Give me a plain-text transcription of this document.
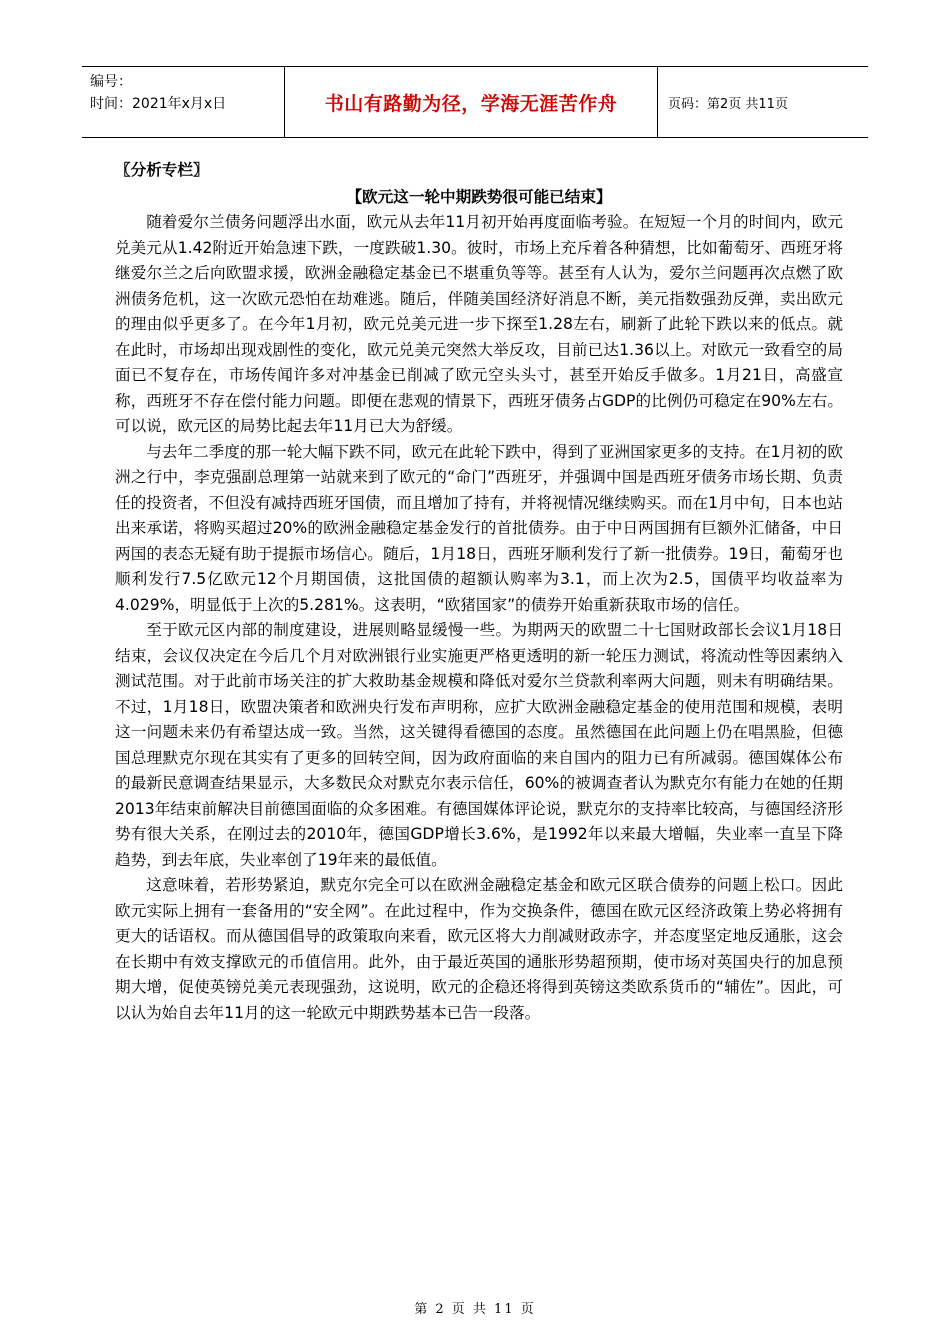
编号：
时间：2021年x月x日	书山有路勤为径，学海无涯苦作舟	页码：第2页 共11页

〖分析专栏〗

【欧元这一轮中期跌势很可能已结束】

随着爱尔兰债务问题浮出水面，欧元从去年11月初开始再度面临考验。在短短一个月的时间内，欧元兑美元从1.42附近开始急速下跌，一度跌破1.30。彼时，市场上充斥着各种猜想，比如葡萄牙、西班牙将继爱尔兰之后向欧盟求援，欧洲金融稳定基金已不堪重负等等。甚至有人认为，爱尔兰问题再次点燃了欧洲债务危机，这一次欧元恐怕在劫难逃。随后，伴随美国经济好消息不断，美元指数强劲反弹，卖出欧元的理由似乎更多了。在今年1月初，欧元兑美元进一步下探至1.28左右，刷新了此轮下跌以来的低点。就在此时，市场却出现戏剧性的变化，欧元兑美元突然大举反攻，目前已达1.36以上。对欧元一致看空的局面已不复存在，市场传闻许多对冲基金已削减了欧元空头头寸，甚至开始反手做多。1月21日，高盛宣称，西班牙不存在偿付能力问题。即便在悲观的情景下，西班牙债务占GDP的比例仍可稳定在90%左右。可以说，欧元区的局势比起去年11月已大为舒缓。

与去年二季度的那一轮大幅下跌不同，欧元在此轮下跌中，得到了亚洲国家更多的支持。在1月初的欧洲之行中，李克强副总理第一站就来到了欧元的“命门”西班牙，并强调中国是西班牙债务市场长期、负责任的投资者，不但没有减持西班牙国债，而且增加了持有，并将视情况继续购买。而在1月中旬，日本也站出来承诺，将购买超过20%的欧洲金融稳定基金发行的首批债券。由于中日两国拥有巨额外汇储备，中日两国的表态无疑有助于提振市场信心。随后，1月18日，西班牙顺利发行了新一批债券。19日，葡萄牙也顺利发行7.5亿欧元12个月期国债，这批国债的超额认购率为3.1，而上次为2.5，国债平均收益率为4.029%，明显低于上次的5.281%。这表明，“欧猪国家”的债券开始重新获取市场的信任。

至于欧元区内部的制度建设，进展则略显缓慢一些。为期两天的欧盟二十七国财政部长会议1月18日结束，会议仅决定在今后几个月对欧洲银行业实施更严格更透明的新一轮压力测试，将流动性等因素纳入测试范围。对于此前市场关注的扩大救助基金规模和降低对爱尔兰贷款利率两大问题，则未有明确结果。不过，1月18日，欧盟决策者和欧洲央行发布声明称，应扩大欧洲金融稳定基金的使用范围和规模，表明这一问题未来仍有希望达成一致。当然，这关键得看德国的态度。虽然德国在此问题上仍在唱黑脸，但德国总理默克尔现在其实有了更多的回转空间，因为政府面临的来自国内的阻力已有所减弱。德国媒体公布的最新民意调查结果显示，大多数民众对默克尔表示信任，60%的被调查者认为默克尔有能力在她的任期2013年结束前解决目前德国面临的众多困难。有德国媒体评论说，默克尔的支持率比较高，与德国经济形势有很大关系，在刚过去的2010年，德国GDP增长3.6%，是1992年以来最大增幅，失业率一直呈下降趋势，到去年底，失业率创了19年来的最低值。

这意味着，若形势紧迫，默克尔完全可以在欧洲金融稳定基金和欧元区联合债券的问题上松口。因此欧元实际上拥有一套备用的“安全网”。在此过程中，作为交换条件，德国在欧元区经济政策上势必将拥有更大的话语权。而从德国倡导的政策取向来看，欧元区将大力削减财政赤字，并态度坚定地反通胀，这会在长期中有效支撑欧元的币值信用。此外，由于最近英国的通胀形势超预期，使市场对英国央行的加息预期大增，促使英镑兑美元表现强劲，这说明，欧元的企稳还将得到英镑这类欧系货币的“辅佐”。因此，可以认为始自去年11月的这一轮欧元中期跌势基本已告一段落。

第 2 页 共 11 页
